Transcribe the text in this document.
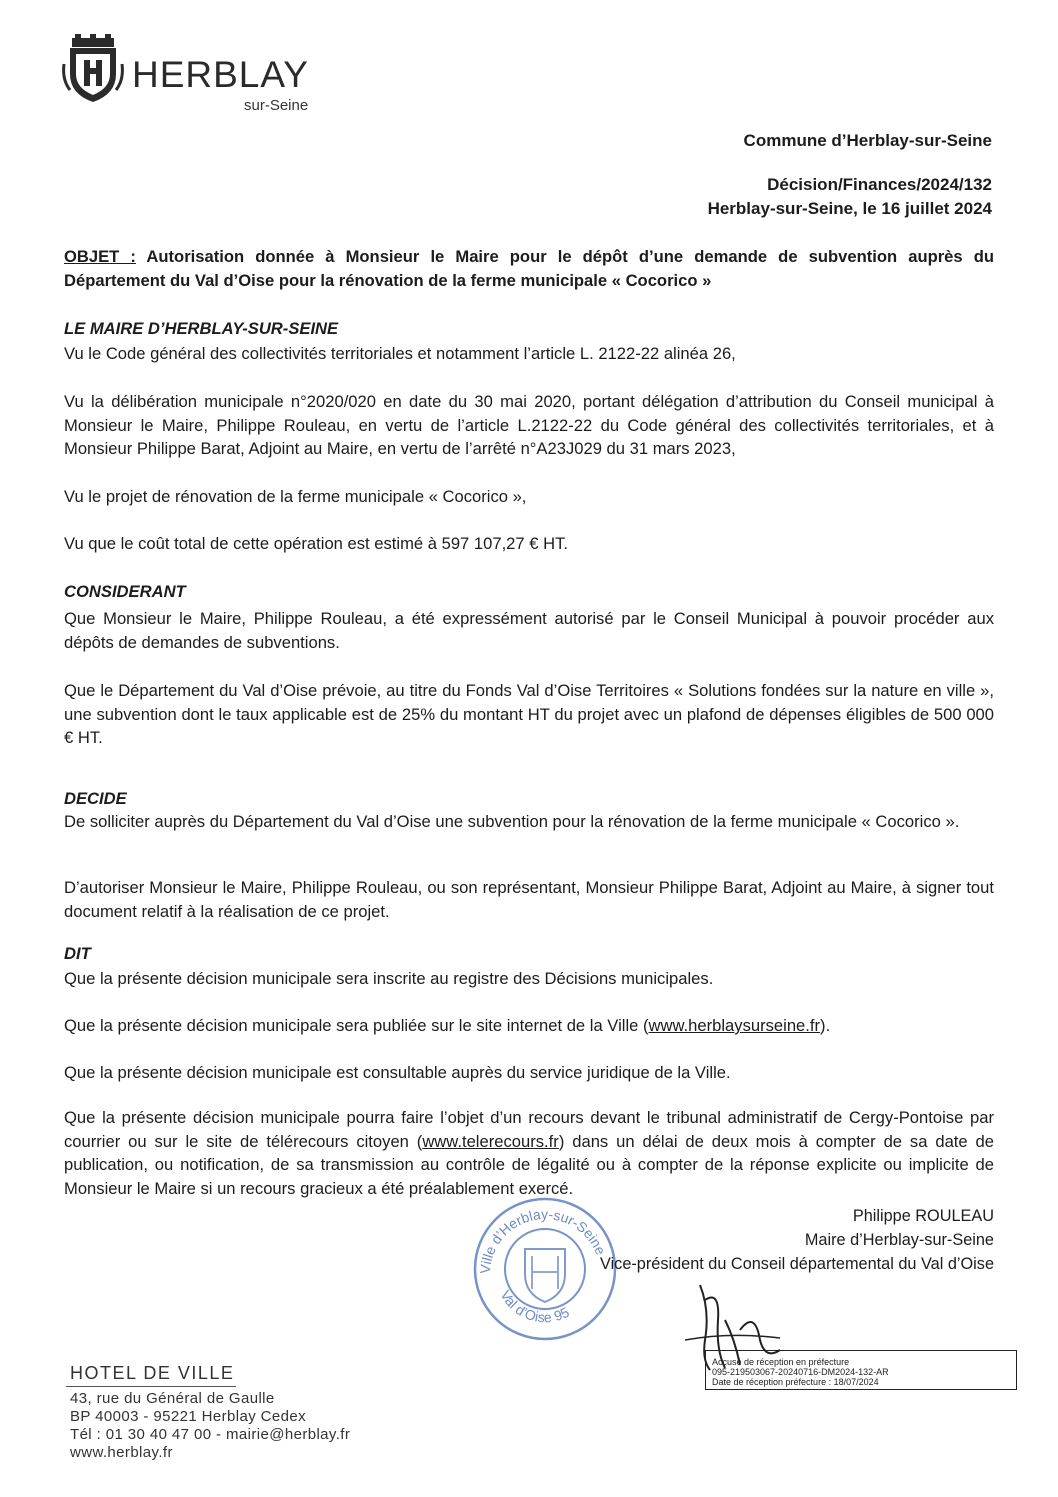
HERBLAY
sur-Seine
Commune d’Herblay-sur-Seine
Décision/Finances/2024/132
Herblay-sur-Seine, le 16 juillet 2024
OBJET : Autorisation donnée à Monsieur le Maire pour le dépôt d’une demande de subvention auprès du Département du Val d’Oise pour la rénovation de la ferme municipale « Cocorico »
LE MAIRE D’HERBLAY-SUR-SEINE
Vu le Code général des collectivités territoriales et notamment l’article L. 2122-22 alinéa 26,
Vu la délibération municipale n°2020/020 en date du 30 mai 2020, portant délégation d’attribution du Conseil municipal à Monsieur le Maire, Philippe Rouleau, en vertu de l’article L.2122-22 du Code général des collectivités territoriales, et à Monsieur Philippe Barat, Adjoint au Maire, en vertu de l’arrêté n°A23J029 du 31 mars 2023,
Vu le projet de rénovation de la ferme municipale « Cocorico »,
Vu que le coût total de cette opération est estimé à 597 107,27 € HT.
CONSIDERANT
Que Monsieur le Maire, Philippe Rouleau, a été expressément autorisé par le Conseil Municipal à pouvoir procéder aux dépôts de demandes de subventions.
Que le Département du Val d’Oise prévoie, au titre du Fonds Val d’Oise Territoires « Solutions fondées sur la nature en ville », une subvention dont le taux applicable est de 25% du montant HT du projet avec un plafond de dépenses éligibles de 500 000 € HT.
DECIDE
De solliciter auprès du Département du Val d’Oise une subvention pour la rénovation de la ferme municipale « Cocorico ».
D’autoriser Monsieur le Maire, Philippe Rouleau, ou son représentant, Monsieur Philippe Barat, Adjoint au Maire, à signer tout document relatif à la réalisation de ce projet.
DIT
Que la présente décision municipale sera inscrite au registre des Décisions municipales.
Que la présente décision municipale sera publiée sur le site internet de la Ville (www.herblaysurseine.fr).
Que la présente décision municipale est consultable auprès du service juridique de la Ville.
Que la présente décision municipale pourra faire l’objet d’un recours devant le tribunal administratif de Cergy-Pontoise par courrier ou sur le site de télérecours citoyen (www.telerecours.fr) dans un délai de deux mois à compter de sa date de publication, ou notification, de sa transmission au contrôle de légalité ou à compter de la réponse explicite ou implicite de Monsieur le Maire si un recours gracieux a été préalablement exercé.
Ville d’Herblay-sur-Seine
Val d’Oise 95
Philippe ROULEAU
Maire d’Herblay-sur-Seine
Vice-président du Conseil départemental du Val d’Oise
Accusé de réception en préfecture
095-219503067-20240716-DM2024-132-AR
Date de réception préfecture : 18/07/2024
HOTEL DE VILLE
43, rue du Général de Gaulle
BP 40003 - 95221 Herblay Cedex
Tél : 01 30 40 47 00 - mairie@herblay.fr
www.herblay.fr
